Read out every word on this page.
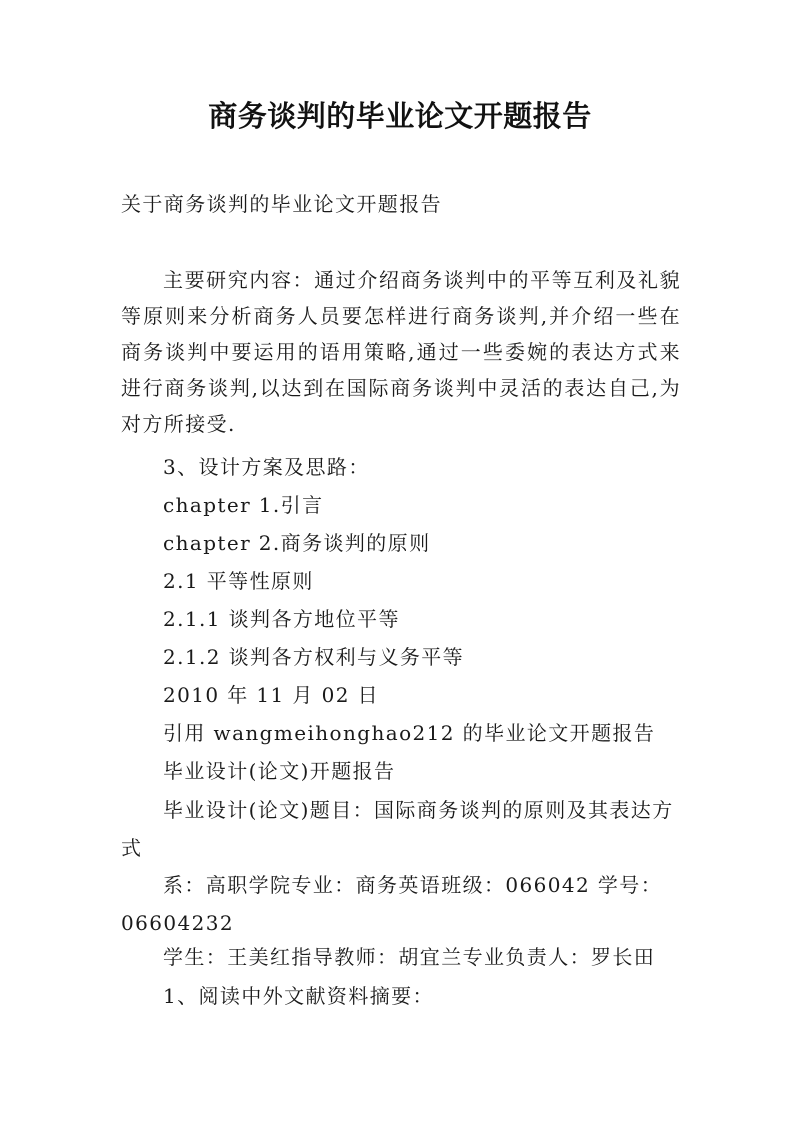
商务谈判的毕业论文开题报告
关于商务谈判的毕业论文开题报告
主要研究内容：通过介绍商务谈判中的平等互利及礼貌等原则来分析商务人员要怎样进行商务谈判,并介绍一些在商务谈判中要运用的语用策略,通过一些委婉的表达方式来进行商务谈判,以达到在国际商务谈判中灵活的表达自己,为对方所接受.
3、设计方案及思路：
chapter 1.引言
chapter 2.商务谈判的原则
2.1 平等性原则
2.1.1 谈判各方地位平等
2.1.2 谈判各方权利与义务平等
2010 年 11 月 02 日
引用 wangmeihonghao212 的毕业论文开题报告
毕业设计(论文)开题报告
毕业设计(论文)题目：国际商务谈判的原则及其表达方式
系：高职学院专业：商务英语班级：066042 学号：06604232
学生：王美红指导教师：胡宜兰专业负责人：罗长田
1、阅读中外文献资料摘要：
